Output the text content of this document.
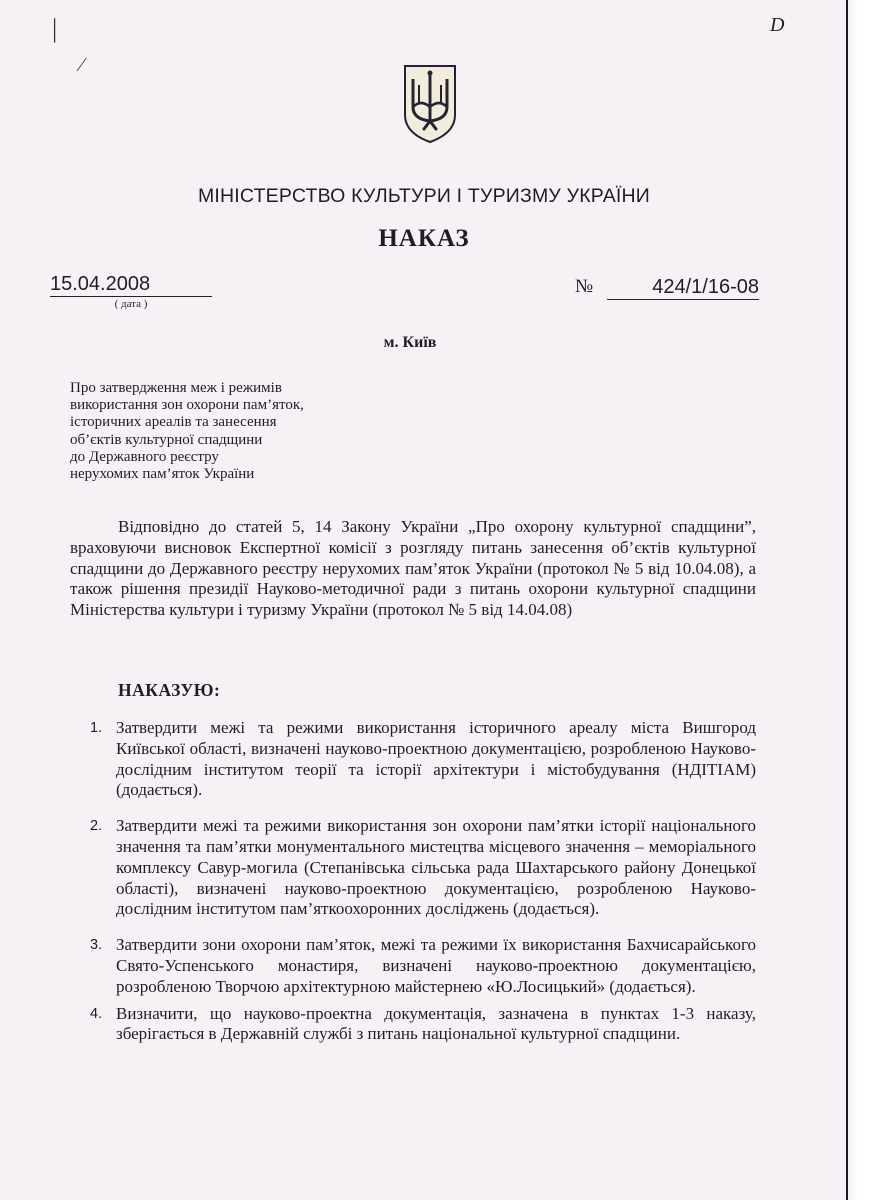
D
|
⁄
МІНІСТЕРСТВО КУЛЬТУРИ І ТУРИЗМУ УКРАЇНИ
НАКАЗ
15.04.2008
( дата )
№	424/1/16-08
м. Київ
Про затвердження меж і режимів
використання зон охорони пам’яток,
історичних ареалів та занесення
об’єктів культурної спадщини
до Державного реєстру
нерухомих пам’яток України
Відповідно до статей 5, 14 Закону України „Про охорону культурної спадщини”, враховуючи висновок Експертної комісії з розгляду питань занесення об’єктів культурної спадщини до Державного реєстру нерухомих пам’яток України (протокол № 5 від 10.04.08), а також рішення президії Науково-методичної ради з питань охорони культурної спадщини Міністерства культури і туризму України (протокол № 5 від 14.04.08)
НАКАЗУЮ:
1. Затвердити межі та режими використання історичного ареалу міста Вишгород Київської області, визначені науково-проектною документацією, розробленою Науково-дослідним інститутом теорії та історії архітектури і містобудування (НДІТІАМ) (додається).
2. Затвердити межі та режими використання зон охорони пам’ятки історії національного значення та пам’ятки монументального мистецтва місцевого значення – меморіального комплексу Савур-могила (Степанівська сільська рада Шахтарського району Донецької області), визначені науково-проектною документацією, розробленою Науково-дослідним інститутом пам’яткоохоронних досліджень (додається).
3. Затвердити зони охорони пам’яток, межі та режими їх використання Бахчисарайського Свято-Успенського монастиря, визначені науково-проектною документацією, розробленою Творчою архітектурною майстернею «Ю.Лосицький» (додається).
4. Визначити, що науково-проектна документація, зазначена в пунктах 1-3 наказу, зберігається в Державній службі з питань національної культурної спадщини.
